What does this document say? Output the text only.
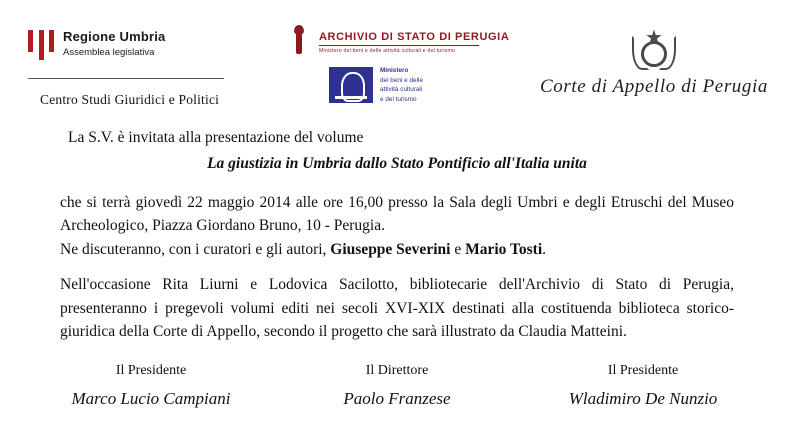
Regione Umbria
Assemblea legislativa
Centro Studi Giuridici e Politici
ARCHIVIO DI STATO DI PERUGIA
Ministero dei beni e delle attività culturali e del turismo
Ministero
dei beni e delle
attività culturali
e del turismo
★
Corte di Appello di Perugia

La S.V. è invitata alla presentazione del volume

La giustizia in Umbria dallo Stato Pontificio all'Italia unita

che si terrà giovedì 22 maggio 2014 alle ore 16,00 presso la Sala degli Umbri e degli Etruschi del Museo Archeologico, Piazza Giordano Bruno, 10 - Perugia.

Ne discuteranno, con i curatori e gli autori, Giuseppe Severini e Mario Tosti.

Nell'occasione Rita Liurni e Lodovica Sacilotto, bibliotecarie dell'Archivio di Stato di Perugia, presenteranno i pregevoli volumi editi nei secoli XVI-XIX destinati alla costituenda biblioteca storico-giuridica della Corte di Appello, secondo il progetto che sarà illustrato da Claudia Matteini.

Il Presidente
Marco Lucio Campiani
Il Direttore
Paolo Franzese
Il Presidente
Wladimiro De Nunzio
